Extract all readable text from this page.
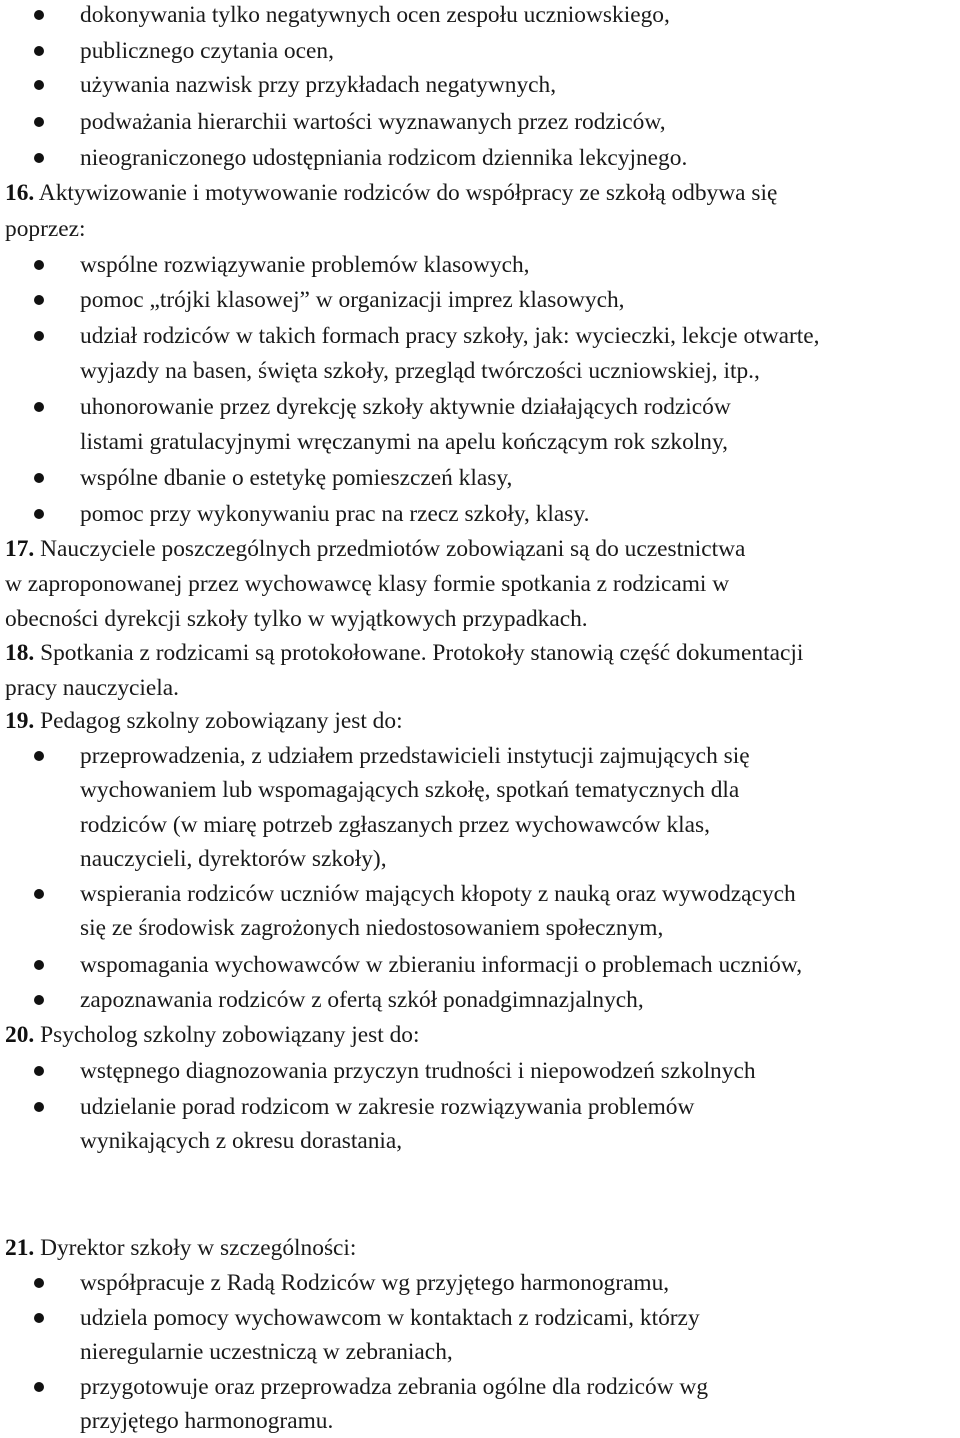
dokonywania tylko negatywnych ocen zespołu uczniowskiego,
publicznego czytania ocen,
używania nazwisk przy przykładach negatywnych,
podważania hierarchii wartości wyznawanych przez rodziców,
nieograniczonego udostępniania rodzicom dziennika lekcyjnego.
16. Aktywizowanie i motywowanie rodziców do współpracy ze szkołą odbywa się
poprzez:
wspólne rozwiązywanie problemów klasowych,
pomoc „trójki klasowej” w organizacji imprez klasowych,
udział rodziców w takich formach pracy szkoły, jak: wycieczki, lekcje otwarte,
wyjazdy na basen, święta szkoły, przegląd twórczości uczniowskiej, itp.,
uhonorowanie przez dyrekcję szkoły aktywnie działających rodziców
listami gratulacyjnymi wręczanymi na apelu kończącym rok szkolny,
wspólne dbanie o estetykę pomieszczeń klasy,
pomoc przy wykonywaniu prac na rzecz szkoły, klasy.
17. Nauczyciele poszczególnych przedmiotów zobowiązani są do uczestnictwa
w zaproponowanej przez wychowawcę klasy formie spotkania z rodzicami w
obecności dyrekcji szkoły tylko w wyjątkowych przypadkach.
18. Spotkania z rodzicami są protokołowane. Protokoły stanowią część dokumentacji
pracy nauczyciela.
19. Pedagog szkolny zobowiązany jest do:
przeprowadzenia, z udziałem przedstawicieli instytucji zajmujących się
wychowaniem lub wspomagających szkołę, spotkań tematycznych dla
rodziców (w miarę potrzeb zgłaszanych przez wychowawców klas,
nauczycieli, dyrektorów szkoły),
wspierania rodziców uczniów mających kłopoty z nauką oraz wywodzących
się ze środowisk zagrożonych niedostosowaniem społecznym,
wspomagania wychowawców w zbieraniu informacji o problemach uczniów,
zapoznawania rodziców z ofertą szkół ponadgimnazjalnych,
20. Psycholog szkolny zobowiązany jest do:
wstępnego diagnozowania przyczyn trudności i niepowodzeń szkolnych
udzielanie porad rodzicom w zakresie rozwiązywania problemów
wynikających z okresu dorastania,
21. Dyrektor szkoły w szczególności:
współpracuje z Radą Rodziców wg przyjętego harmonogramu,
udziela pomocy wychowawcom w kontaktach z rodzicami, którzy
nieregularnie uczestniczą w zebraniach,
przygotowuje oraz przeprowadza zebrania ogólne dla rodziców wg
przyjętego harmonogramu.
